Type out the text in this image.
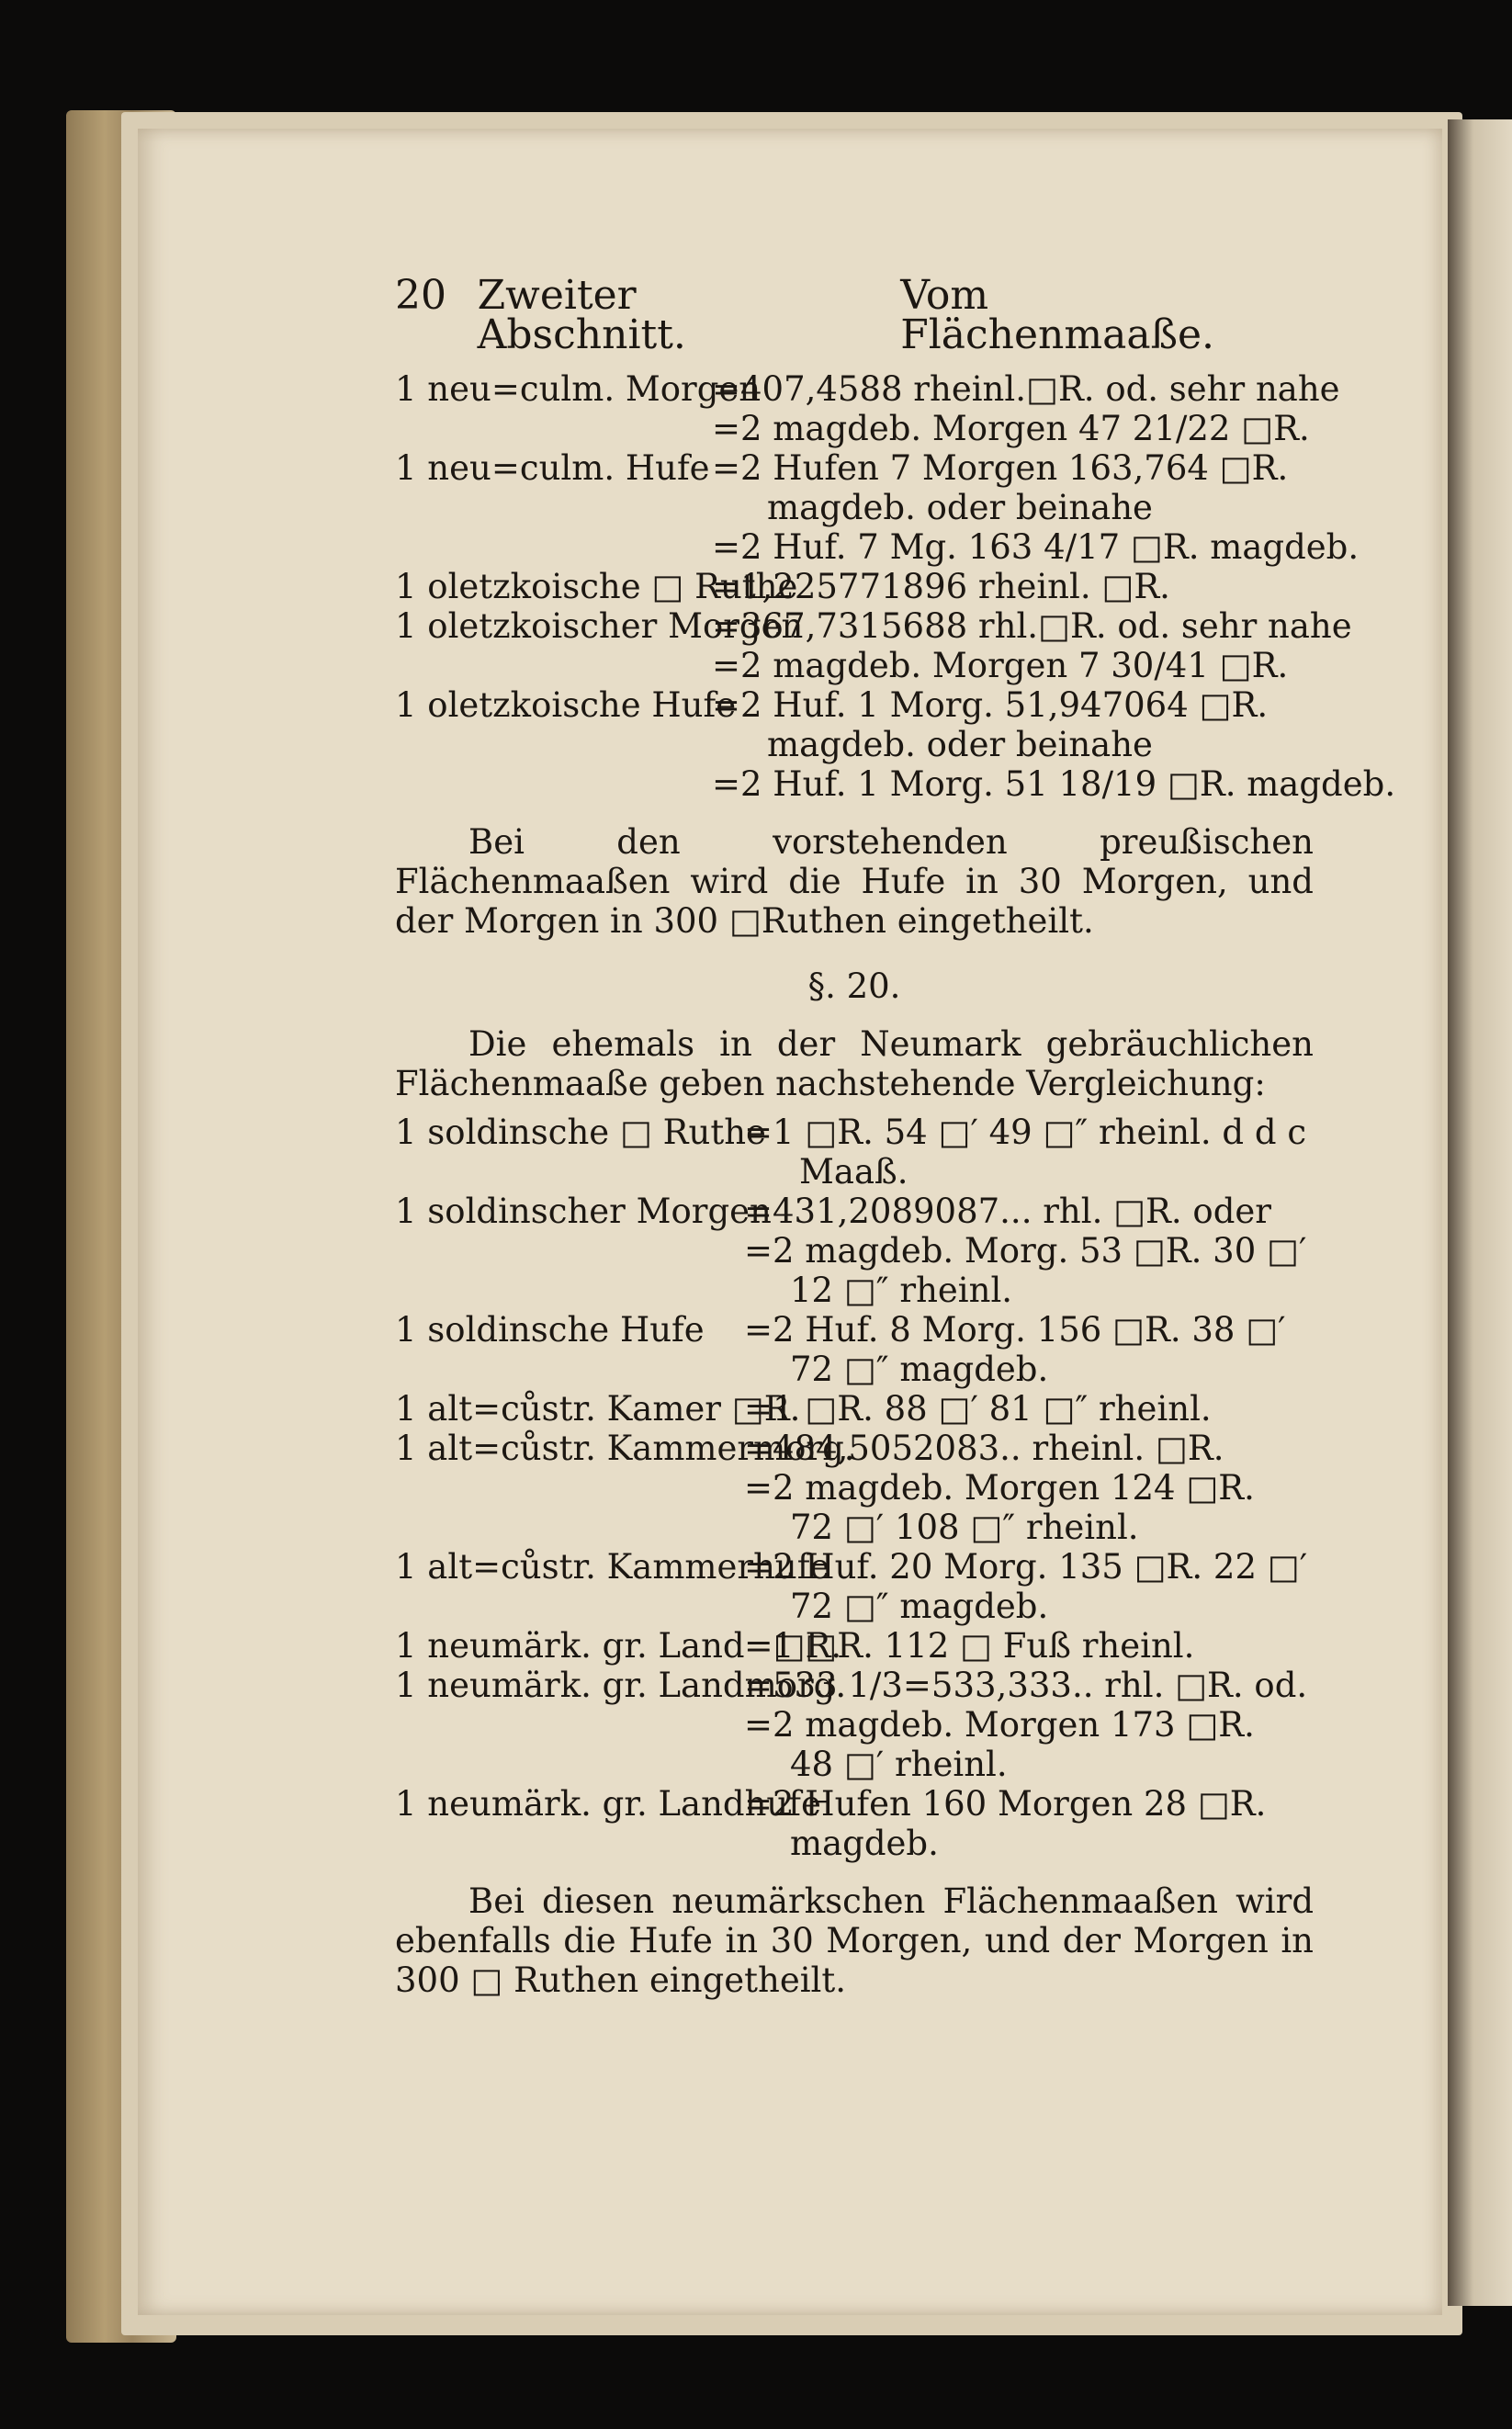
20 Zweiter Abschnitt.
Vom Flächenmaaße.
1 neu=culm. Morgen
=407,4588 rheinl.□R. od. sehr nahe
=2 magdeb. Morgen 47 21/22 □R.
1 neu=culm. Hufe =2 Hufen 7 Morgen 163,764 □R.
magdeb. oder beinahe
=2 Huf. 7 Mg. 163 4/17 □R. magdeb.
1 oletzkoische □ Ruthe
=1,225771896 rheinl. □R.
1 oletzkoischer Morgen
=367,7315688 rhl.□R. od. sehr nahe
=2 magdeb. Morgen 7 30/41 □R.
1 oletzkoische Hufe
=2 Huf. 1 Morg. 51,947064 □R.
magdeb. oder beinahe
=2 Huf. 1 Morg. 51 18/19 □R. magdeb.

Bei den vorstehenden preußischen Flächenmaaßen wird die Hufe in 30 Morgen, und der Morgen in 300 □Ruthen eingetheilt.

§. 20.

Die ehemals in der Neumark gebräuchlichen Flächenmaaße geben nachstehende Vergleichung:

1 soldinsche □ Ruthe
=1 □R. 54 □′ 49 □″ rheinl. d d c
Maaß.
1 soldinscher Morgen
=431,2089087... rhl. □R. oder
=2 magdeb. Morg. 53 □R. 30 □′
12 □″ rheinl.
1 soldinsche Hufe	=2 Huf. 8 Morg. 156 □R. 38 □′
72 □″ magdeb.
1 alt=cůstr. Kamer □R.
=1 □R. 88 □′ 81 □″ rheinl.
1 alt=cůstr. Kammermorg.
=484,5052083.. rheinl. □R.
=2 magdeb. Morgen 124 □R.
72 □′ 108 □″ rheinl.
1 alt=cůstr. Kammerhufe
=2 Huf. 20 Morg. 135 □R. 22 □′
72 □″ magdeb.
1 neumärk. gr. Land=□R.
=1 □R. 112 □ Fuß rheinl.
1 neumärk. gr. Landmorg.
=533 1/3=533,333.. rhl. □R. od.
=2 magdeb. Morgen 173 □R.
48 □′ rheinl.
1 neumärk. gr. Landhufe
=2 Hufen 160 Morgen 28 □R.
magdeb.

Bei diesen neumärkschen Flächenmaaßen wird ebenfalls die Hufe in 30 Morgen, und der Morgen in 300 □ Ruthen eingetheilt.
